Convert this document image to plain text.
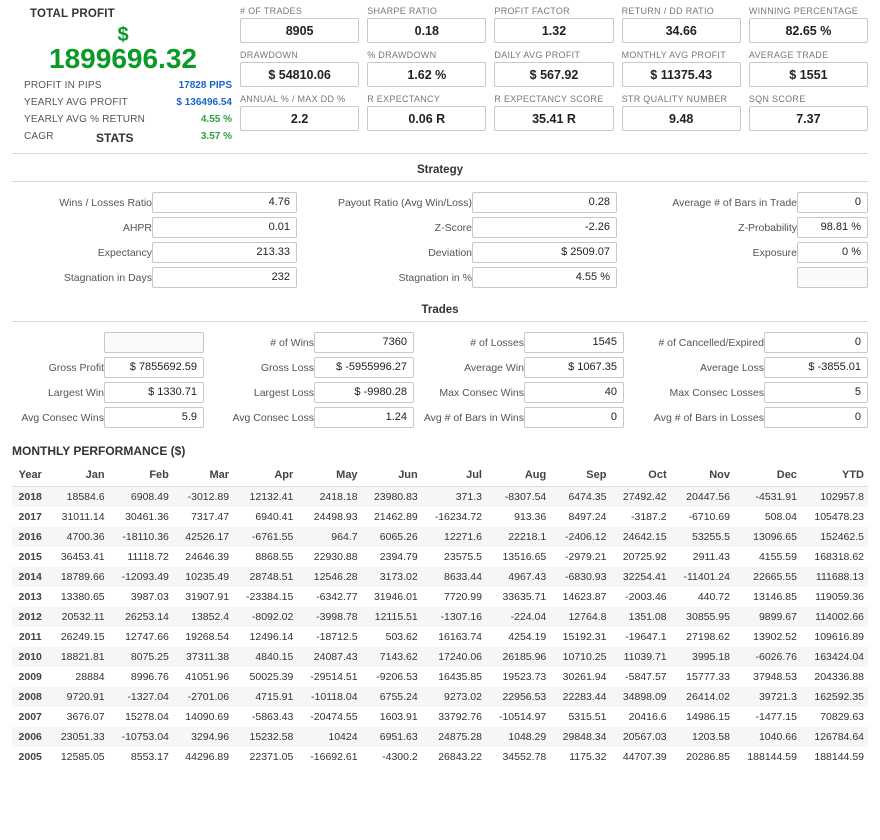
TOTAL PROFIT
$
1899696.32
PROFIT IN PIPS	17828 PIPS
YEARLY AVG PROFIT	$ 136496.54
YEARLY AVG % RETURN	4.55 %
CAGR	3.57 %
STATS
# OF TRADES
8905
SHARPE RATIO
0.18
PROFIT FACTOR
1.32
RETURN / DD RATIO
34.66
WINNING PERCENTAGE
82.65 %
DRAWDOWN
$ 54810.06
% DRAWDOWN
1.62 %
DAILY AVG PROFIT
$ 567.92
MONTHLY AVG PROFIT
$ 11375.43
AVERAGE TRADE
$ 1551
ANNUAL % / MAX DD %
2.2
R EXPECTANCY
0.06 R
R EXPECTANCY SCORE
35.41 R
STR QUALITY NUMBER
9.48
SQN SCORE
7.37
Strategy
Wins / Losses Ratio	4.76	Payout Ratio (Avg Win/Loss)	0.28	Average # of Bars in Trade	0

AHPR	0.01	Z-Score	-2.26	Z-Probability	98.81 %

Expectancy	213.33	Deviation	$ 2509.07	Exposure	0 %

Stagnation in Days	232	Stagnation in %	4.55 %		

Trades

	# of Wins	7360	# of Losses	1545	# of Cancelled/Expired	0

Gross Profit	$ 7855692.59	Gross Loss	$ -5955996.27	Average Win	$ 1067.35	Average Loss	$ -3855.01

Largest Win	$ 1330.71	Largest Loss	$ -9980.28	Max Consec Wins	40	Max Consec Losses	5

Avg Consec Wins	5.9	Avg Consec Loss	1.24	Avg # of Bars in Wins	0	Avg # of Bars in Losses	0
MONTHLY PERFORMANCE ($)
Year	Jan	Feb	Mar	Apr	May	Jun	Jul	Aug	Sep	Oct	Nov	Dec	YTD
2018	18584.6	6908.49	-3012.89	12132.41	2418.18	23980.83	371.3	-8307.54	6474.35	27492.42	20447.56	-4531.91	102957.8
2017	31011.14	30461.36	7317.47	6940.41	24498.93	21462.89	-16234.72	913.36	8497.24	-3187.2	-6710.69	508.04	105478.23
2016	4700.36	-18110.36	42526.17	-6761.55	964.7	6065.26	12271.6	22218.1	-2406.12	24642.15	53255.5	13096.65	152462.5
2015	36453.41	11118.72	24646.39	8868.55	22930.88	2394.79	23575.5	13516.65	-2979.21	20725.92	2911.43	4155.59	168318.62
2014	18789.66	-12093.49	10235.49	28748.51	12546.28	3173.02	8633.44	4967.43	-6830.93	32254.41	-11401.24	22665.55	111688.13
2013	13380.65	3987.03	31907.91	-23384.15	-6342.77	31946.01	7720.99	33635.71	14623.87	-2003.46	440.72	13146.85	119059.36
2012	20532.11	26253.14	13852.4	-8092.02	-3998.78	12115.51	-1307.16	-224.04	12764.8	1351.08	30855.95	9899.67	114002.66
2011	26249.15	12747.66	19268.54	12496.14	-18712.5	503.62	16163.74	4254.19	15192.31	-19647.1	27198.62	13902.52	109616.89
2010	18821.81	8075.25	37311.38	4840.15	24087.43	7143.62	17240.06	26185.96	10710.25	11039.71	3995.18	-6026.76	163424.04
2009	28884	8996.76	41051.96	50025.39	-29514.51	-9206.53	16435.85	19523.73	30261.94	-5847.57	15777.33	37948.53	204336.88
2008	9720.91	-1327.04	-2701.06	4715.91	-10118.04	6755.24	9273.02	22956.53	22283.44	34898.09	26414.02	39721.3	162592.35
2007	3676.07	15278.04	14090.69	-5863.43	-20474.55	1603.91	33792.76	-10514.97	5315.51	20416.6	14986.15	-1477.15	70829.63
2006	23051.33	-10753.04	3294.96	15232.58	10424	6951.63	24875.28	1048.29	29848.34	20567.03	1203.58	1040.66	126784.64
2005	12585.05	8553.17	44296.89	22371.05	-16692.61	-4300.2	26843.22	34552.78	1175.32	44707.39	20286.85	188144.59	188144.59
